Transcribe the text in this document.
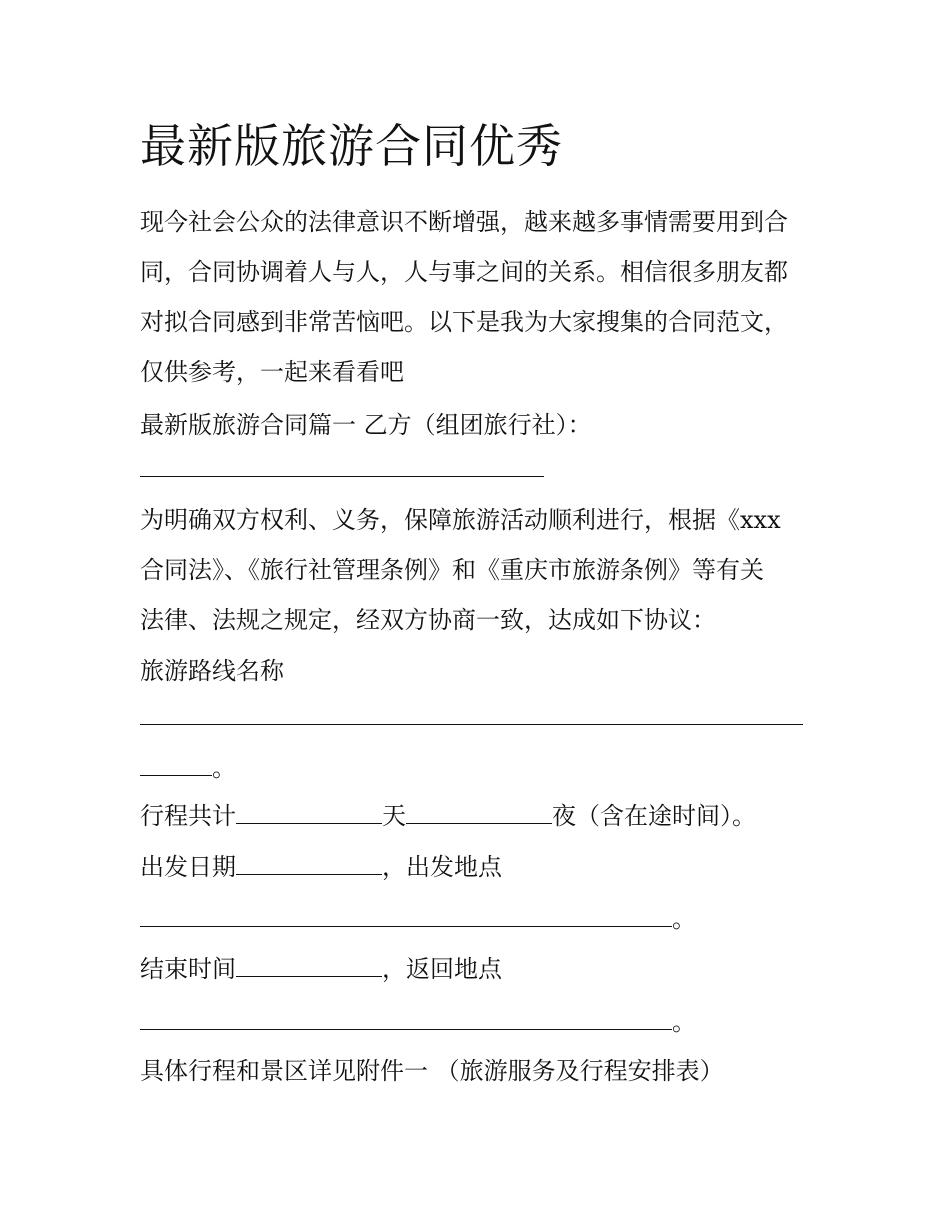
最新版旅游合同优秀
现今社会公众的法律意识不断增强，越来越多事情需要用到合
同，合同协调着人与人，人与事之间的关系。相信很多朋友都
对拟合同感到非常苦恼吧。以下是我为大家搜集的合同范文，
仅供参考，一起来看看吧
最新版旅游合同篇一 乙方（组团旅行社）：
为明确双方权利、义务，保障旅游活动顺利进行，根据《xxx
合同法》、《旅行社管理条例》和《重庆市旅游条例》等有关
法律、法规之规定，经双方协商一致，达成如下协议：
旅游路线名称
。
行程共计	天	夜（含在途时间）。
出发日期	，出发地点
。
结束时间	，返回地点
。
具体行程和景区详见附件一 （旅游服务及行程安排表）
